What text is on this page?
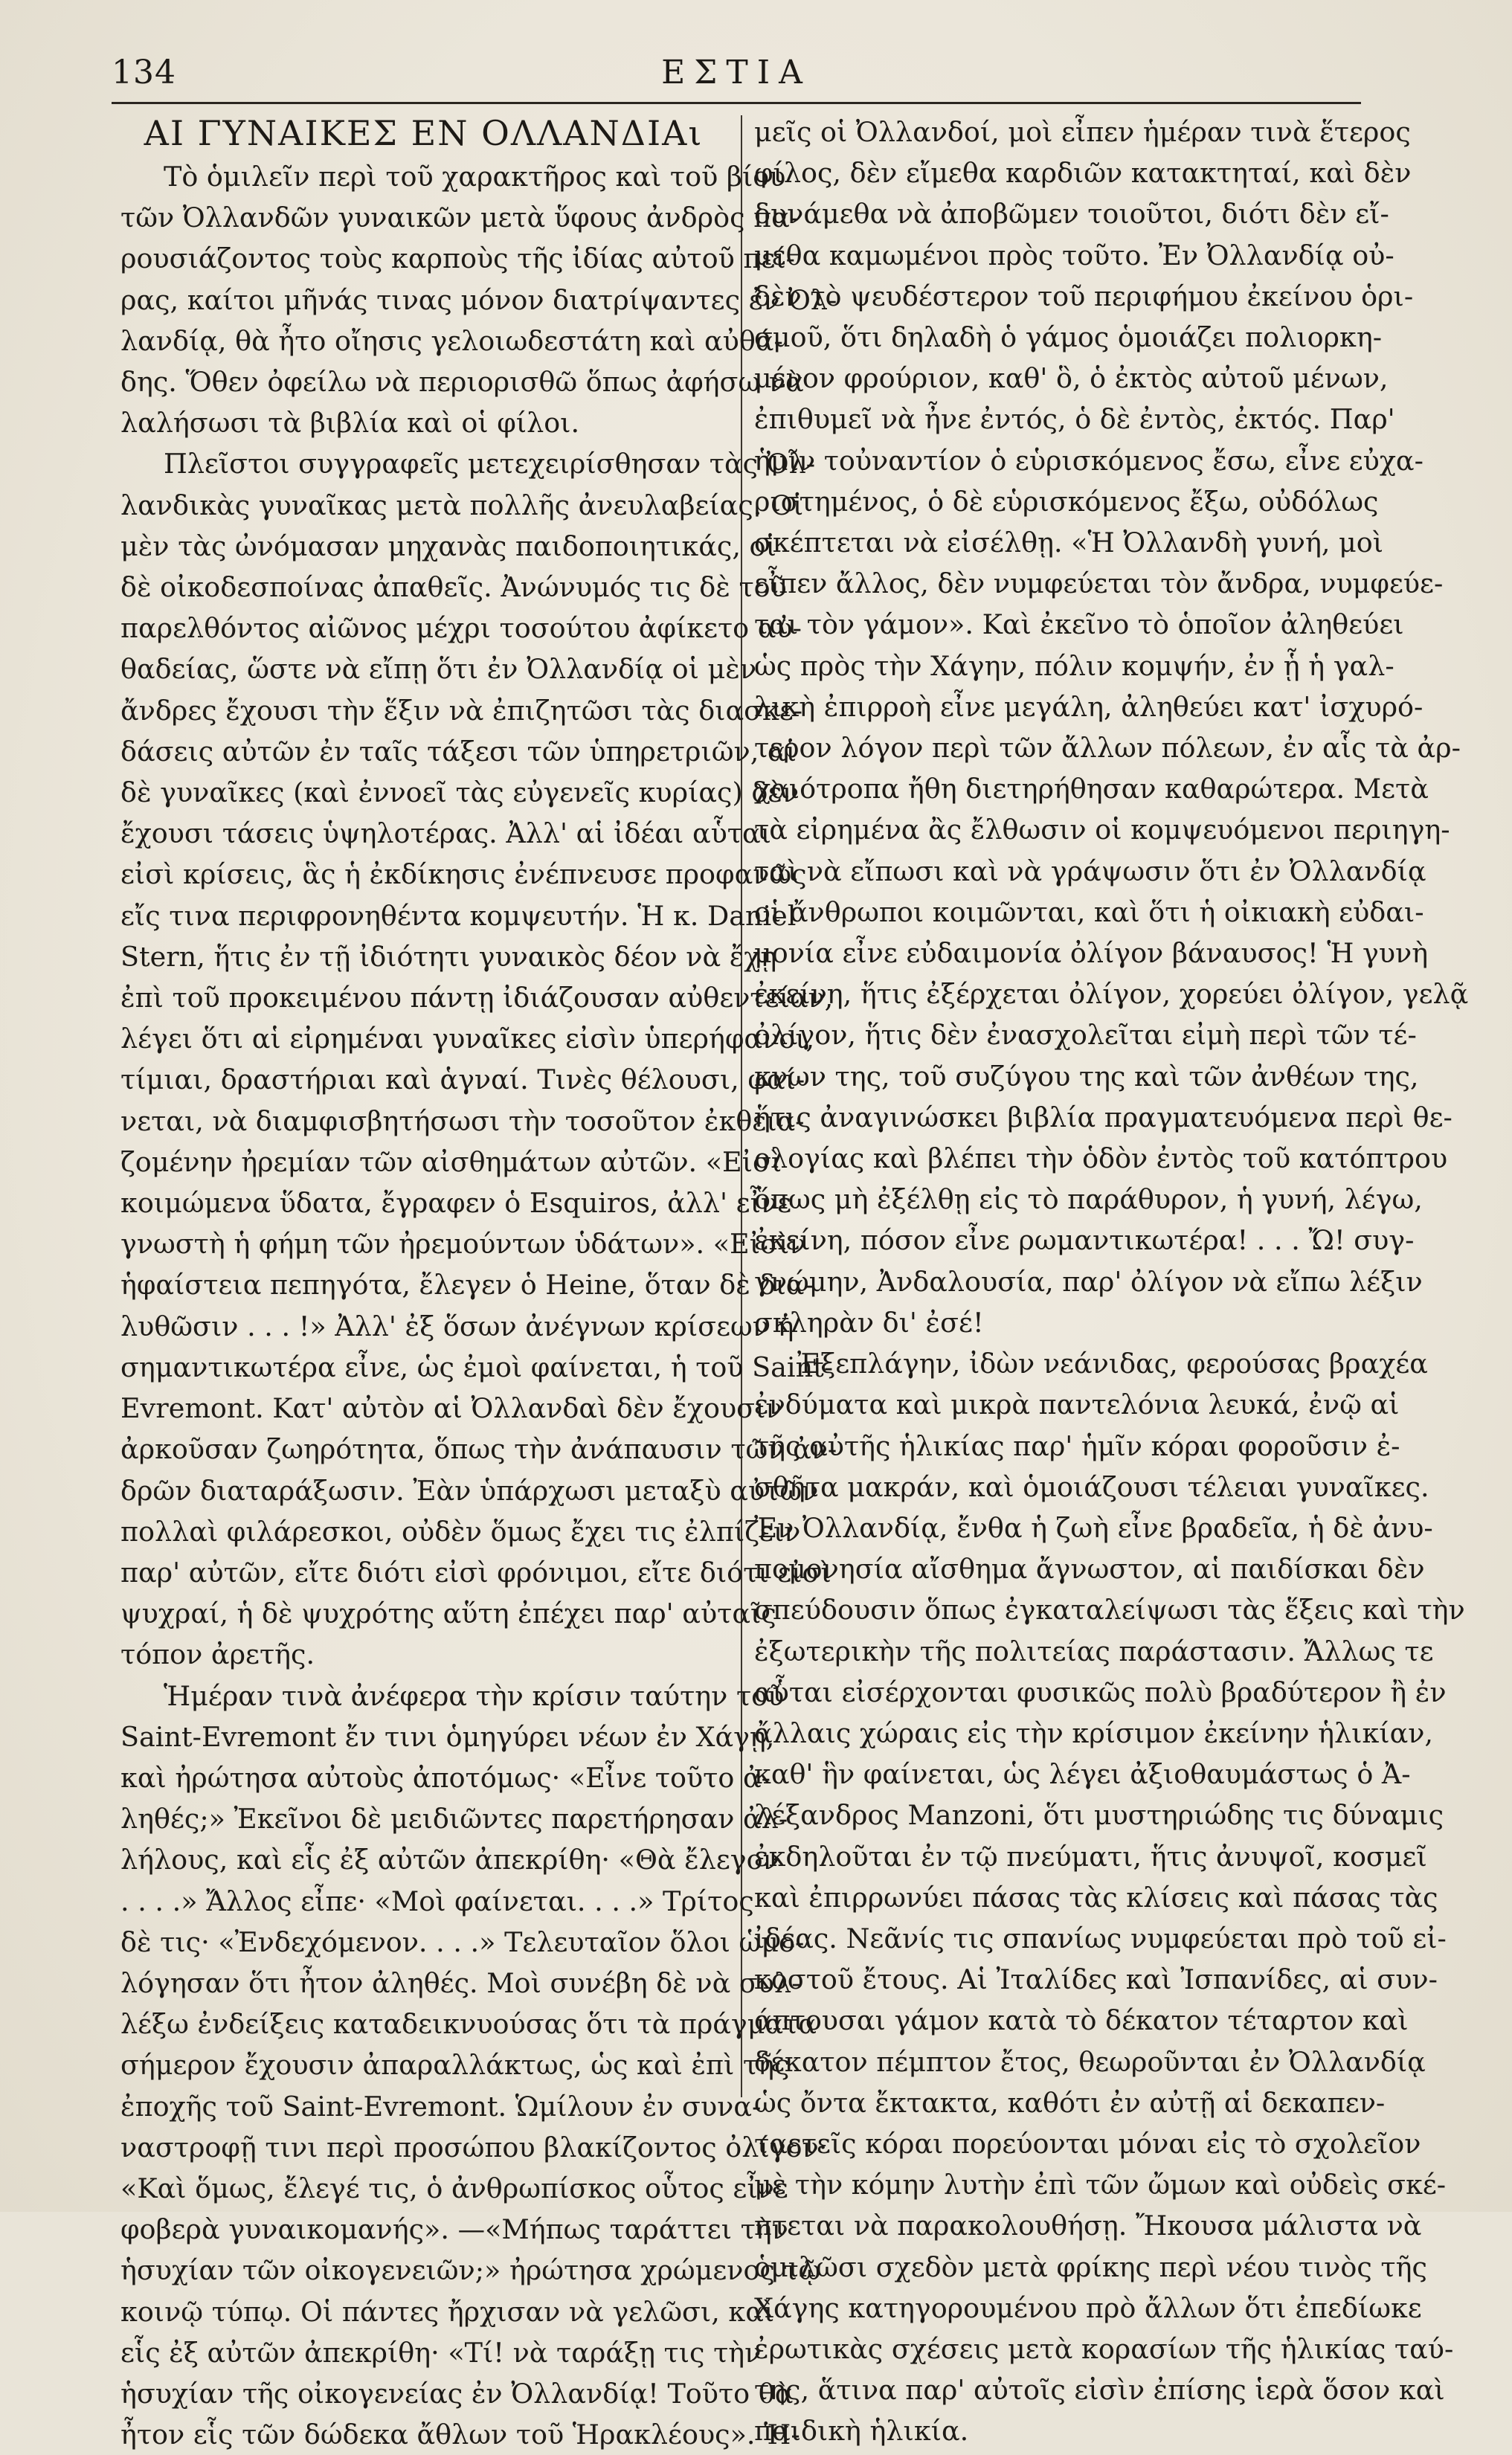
134	ΕΣΤΙΑ
ΑΙ ΓΥΝΑΙΚΕΣ ΕΝ ΟΛΛΑΝΔΙΑι
Τὸ ὁμιλεῖν περὶ τοῦ χαρακτῆρος καὶ τοῦ βίου
τῶν Ὀλλανδῶν γυναικῶν μετὰ ὕφους ἀνδρὸς πα-
ρουσιάζοντος τοὺς καρποὺς τῆς ἰδίας αὐτοῦ πεί-
ρας, καίτοι μῆνάς τινας μόνον διατρίψαντες ἐν Ὀλ-
λανδίᾳ, θὰ ἦτο οἴησις γελοιωδεστάτη καὶ αὐθά-
δης. Ὅθεν ὀφείλω νὰ περιορισθῶ ὅπως ἀφήσω νὰ
λαλήσωσι τὰ βιβλία καὶ οἱ φίλοι.
Πλεῖστοι συγγραφεῖς μετεχειρίσθησαν τὰς Ὀλ-
λανδικὰς γυναῖκας μετὰ πολλῆς ἀνευλαβείας. Οἱ
μὲν τὰς ὠνόμασαν μηχανὰς παιδοποιητικάς, οἱ
δὲ οἰκοδεσποίνας ἀπαθεῖς. Ἀνώνυμός τις δὲ τοῦ
παρελθόντος αἰῶνος μέχρι τοσούτου ἀφίκετο αὐ-
θαδείας, ὥστε νὰ εἴπῃ ὅτι ἐν Ὀλλανδίᾳ οἱ μὲν
ἄνδρες ἔχουσι τὴν ἕξιν νὰ ἐπιζητῶσι τὰς διασκε-
δάσεις αὐτῶν ἐν ταῖς τάξεσι τῶν ὑπηρετριῶν, αἱ
δὲ γυναῖκες (καὶ ἐννοεῖ τὰς εὐγενεῖς κυρίας) δὲν
ἔχουσι τάσεις ὑψηλοτέρας. Ἀλλ' αἱ ἰδέαι αὗται
εἰσὶ κρίσεις, ἃς ἡ ἐκδίκησις ἐνέπνευσε προφανῶς
εἴς τινα περιφρονηθέντα κομψευτήν. Ἡ κ. Daniel
Stern, ἥτις ἐν τῇ ἰδιότητι γυναικὸς δέον νὰ ἔχῃ
ἐπὶ τοῦ προκειμένου πάντῃ ἰδιάζουσαν αὐθεντείαν,
λέγει ὅτι αἱ εἰρημέναι γυναῖκες εἰσὶν ὑπερήφανοι,
τίμιαι, δραστήριαι καὶ ἁγναί. Τινὲς θέλουσι, φαί-
νεται, νὰ διαμφισβητήσωσι τὴν τοσοῦτον ἐκθεια-
ζομένην ἠρεμίαν τῶν αἰσθημάτων αὐτῶν. «Εἰσὶ
κοιμώμενα ὕδατα, ἔγραφεν ὁ Esquiros, ἀλλ' εἶνε
γνωστὴ ἡ φήμη τῶν ἠρεμούντων ὑδάτων». «Εἰσὶν
ἡφαίστεια πεπηγότα, ἔλεγεν ὁ Heine, ὅταν δὲ δια-
λυθῶσιν . . . !» Ἀλλ' ἐξ ὅσων ἀνέγνων κρίσεων ἡ
σημαντικωτέρα εἶνε, ὡς ἐμοὶ φαίνεται, ἡ τοῦ Saint-
Evremont. Κατ' αὐτὸν αἱ Ὀλλανδαὶ δὲν ἔχουσιν
ἀρκοῦσαν ζωηρότητα, ὅπως τὴν ἀνάπαυσιν τῶν ἀν-
δρῶν διαταράξωσιν. Ἐὰν ὑπάρχωσι μεταξὺ αὐτῶν
πολλαὶ φιλάρεσκοι, οὐδὲν ὅμως ἔχει τις ἐλπίζειν
παρ' αὐτῶν, εἴτε διότι εἰσὶ φρόνιμοι, εἴτε διότι εἰσὶ
ψυχραί, ἡ δὲ ψυχρότης αὕτη ἐπέχει παρ' αὐταῖς
τόπον ἀρετῆς.
Ἡμέραν τινὰ ἀνέφερα τὴν κρίσιν ταύτην τοῦ
Saint-Evremont ἔν τινι ὁμηγύρει νέων ἐν Χάγῃ,
καὶ ἠρώτησα αὐτοὺς ἀποτόμως· «Εἶνε τοῦτο ἀ-
ληθές;» Ἐκεῖνοι δὲ μειδιῶντες παρετήρησαν ἀλ-
λήλους, καὶ εἷς ἐξ αὐτῶν ἀπεκρίθη· «Θὰ ἔλεγον
. . . .» Ἄλλος εἶπε· «Μοὶ φαίνεται. . . .» Τρίτος
δὲ τις· «Ἐνδεχόμενον. . . .» Τελευταῖον ὅλοι ὡμο-
λόγησαν ὅτι ἦτον ἀληθές. Μοὶ συνέβη δὲ νὰ συλ-
λέξω ἐνδείξεις καταδεικνυούσας ὅτι τὰ πράγματα
σήμερον ἔχουσιν ἀπαραλλάκτως, ὡς καὶ ἐπὶ τῆς
ἐποχῆς τοῦ Saint-Evremont. Ὡμίλουν ἐν συνα-
ναστροφῇ τινι περὶ προσώπου βλακίζοντος ὀλίγον·
«Καὶ ὅμως, ἔλεγέ τις, ὁ ἀνθρωπίσκος οὗτος εἶνε
φοβερὰ γυναικομανής». —«Μήπως ταράττει τὴν
ἡσυχίαν τῶν οἰκογενειῶν;» ἠρώτησα χρώμενος τῷ
κοινῷ τύπῳ. Οἱ πάντες ἤρχισαν νὰ γελῶσι, καὶ
εἷς ἐξ αὐτῶν ἀπεκρίθη· «Τί! νὰ ταράξῃ τις τὴν
ἡσυχίαν τῆς οἰκογενείας ἐν Ὀλλανδίᾳ! Τοῦτο θὰ
ἦτον εἷς τῶν δώδεκα ἄθλων τοῦ Ἡρακλέους». Ἡ-
μεῖς οἱ Ὀλλανδοί, μοὶ εἶπεν ἡμέραν τινὰ ἕτερος
φίλος, δὲν εἴμεθα καρδιῶν κατακτηταί, καὶ δὲν
δυνάμεθα νὰ ἀποβῶμεν τοιοῦτοι, διότι δὲν εἴ-
μεθα καμωμένοι πρὸς τοῦτο. Ἐν Ὀλλανδίᾳ οὐ-
δὲν τὸ ψευδέστερον τοῦ περιφήμου ἐκείνου ὁρι-
σμοῦ, ὅτι δηλαδὴ ὁ γάμος ὁμοιάζει πολιορκη-
μένον φρούριον, καθ' ὃ, ὁ ἐκτὸς αὐτοῦ μένων,
ἐπιθυμεῖ νὰ ἦνε ἐντός, ὁ δὲ ἐντὸς, ἐκτός. Παρ'
ἡμῖν τοὐναντίον ὁ εὑρισκόμενος ἔσω, εἶνε εὐχα-
ριστημένος, ὁ δὲ εὑρισκόμενος ἔξω, οὐδόλως
σκέπτεται νὰ εἰσέλθῃ. «Ἡ Ὀλλανδὴ γυνή, μοὶ
εἶπεν ἄλλος, δὲν νυμφεύεται τὸν ἄνδρα, νυμφεύε-
ται τὸν γάμον». Καὶ ἐκεῖνο τὸ ὁποῖον ἀληθεύει
ὡς πρὸς τὴν Χάγην, πόλιν κομψήν, ἐν ᾗ ἡ γαλ-
λικὴ ἐπιρροὴ εἶνε μεγάλη, ἀληθεύει κατ' ἰσχυρό-
τερον λόγον περὶ τῶν ἄλλων πόλεων, ἐν αἷς τὰ ἀρ-
χαιότροπα ἤθη διετηρήθησαν καθαρώτερα. Μετὰ
τὰ εἰρημένα ἂς ἔλθωσιν οἱ κομψευόμενοι περιηγη-
ταὶ νὰ εἴπωσι καὶ νὰ γράψωσιν ὅτι ἐν Ὀλλανδίᾳ
οἱ ἄνθρωποι κοιμῶνται, καὶ ὅτι ἡ οἰκιακὴ εὐδαι-
μονία εἶνε εὐδαιμονία ὀλίγον βάναυσος! Ἡ γυνὴ
ἐκείνη, ἥτις ἐξέρχεται ὀλίγον, χορεύει ὀλίγον, γελᾷ
ὀλίγον, ἥτις δὲν ἐνασχολεῖται εἰμὴ περὶ τῶν τέ-
κνων της, τοῦ συζύγου της καὶ τῶν ἀνθέων της,
ἥτις ἀναγινώσκει βιβλία πραγματευόμενα περὶ θε-
ολογίας καὶ βλέπει τὴν ὁδὸν ἐντὸς τοῦ κατόπτρου
ὅπως μὴ ἐξέλθῃ εἰς τὸ παράθυρον, ἡ γυνή, λέγω,
ἐκείνη, πόσον εἶνε ρωμαντικωτέρα! . . . Ὤ! συγ-
γνώμην, Ἀνδαλουσία, παρ' ὀλίγον νὰ εἴπω λέξιν
σκληρὰν δι' ἐσέ!
Ἐξεπλάγην, ἰδὼν νεάνιδας, φερούσας βραχέα
ἐνδύματα καὶ μικρὰ παντελόνια λευκά, ἐνῷ αἱ
τῆς αὐτῆς ἡλικίας παρ' ἡμῖν κόραι φοροῦσιν ἐ-
σθῆτα μακράν, καὶ ὁμοιάζουσι τέλειαι γυναῖκες.
Ἐν Ὀλλανδίᾳ, ἔνθα ἡ ζωὴ εἶνε βραδεῖα, ἡ δὲ ἀνυ-
πομονησία αἴσθημα ἄγνωστον, αἱ παιδίσκαι δὲν
σπεύδουσιν ὅπως ἐγκαταλείψωσι τὰς ἕξεις καὶ τὴν
ἐξωτερικὴν τῆς πολιτείας παράστασιν. Ἄλλως τε
αὗται εἰσέρχονται φυσικῶς πολὺ βραδύτερον ἢ ἐν
ἄλλαις χώραις εἰς τὴν κρίσιμον ἐκείνην ἡλικίαν,
καθ' ἣν φαίνεται, ὡς λέγει ἀξιοθαυμάστως ὁ Ἀ-
λέξανδρος Manzoni, ὅτι μυστηριώδης τις δύναμις
ἐκδηλοῦται ἐν τῷ πνεύματι, ἥτις ἀνυψοῖ, κοσμεῖ
καὶ ἐπιρρωνύει πάσας τὰς κλίσεις καὶ πάσας τὰς
ἰδέας. Νεᾶνίς τις σπανίως νυμφεύεται πρὸ τοῦ εἰ-
κοστοῦ ἔτους. Αἱ Ἰταλίδες καὶ Ἰσπανίδες, αἱ συν-
άπτουσαι γάμον κατὰ τὸ δέκατον τέταρτον καὶ
δέκατον πέμπτον ἔτος, θεωροῦνται ἐν Ὀλλανδίᾳ
ὡς ὄντα ἔκτακτα, καθότι ἐν αὐτῇ αἱ δεκαπεν-
ταετεῖς κόραι πορεύονται μόναι εἰς τὸ σχολεῖον
μὲ τὴν κόμην λυτὴν ἐπὶ τῶν ὤμων καὶ οὐδεὶς σκέ-
πτεται νὰ παρακολουθήσῃ. Ἤκουσα μάλιστα νὰ
ὁμιλῶσι σχεδὸν μετὰ φρίκης περὶ νέου τινὸς τῆς
Χάγης κατηγορουμένου πρὸ ἄλλων ὅτι ἐπεδίωκε
ἐρωτικὰς σχέσεις μετὰ κορασίων τῆς ἡλικίας ταύ-
της, ἅτινα παρ' αὐτοῖς εἰσὶν ἐπίσης ἱερὰ ὅσον καὶ
παιδικὴ ἡλικία.
